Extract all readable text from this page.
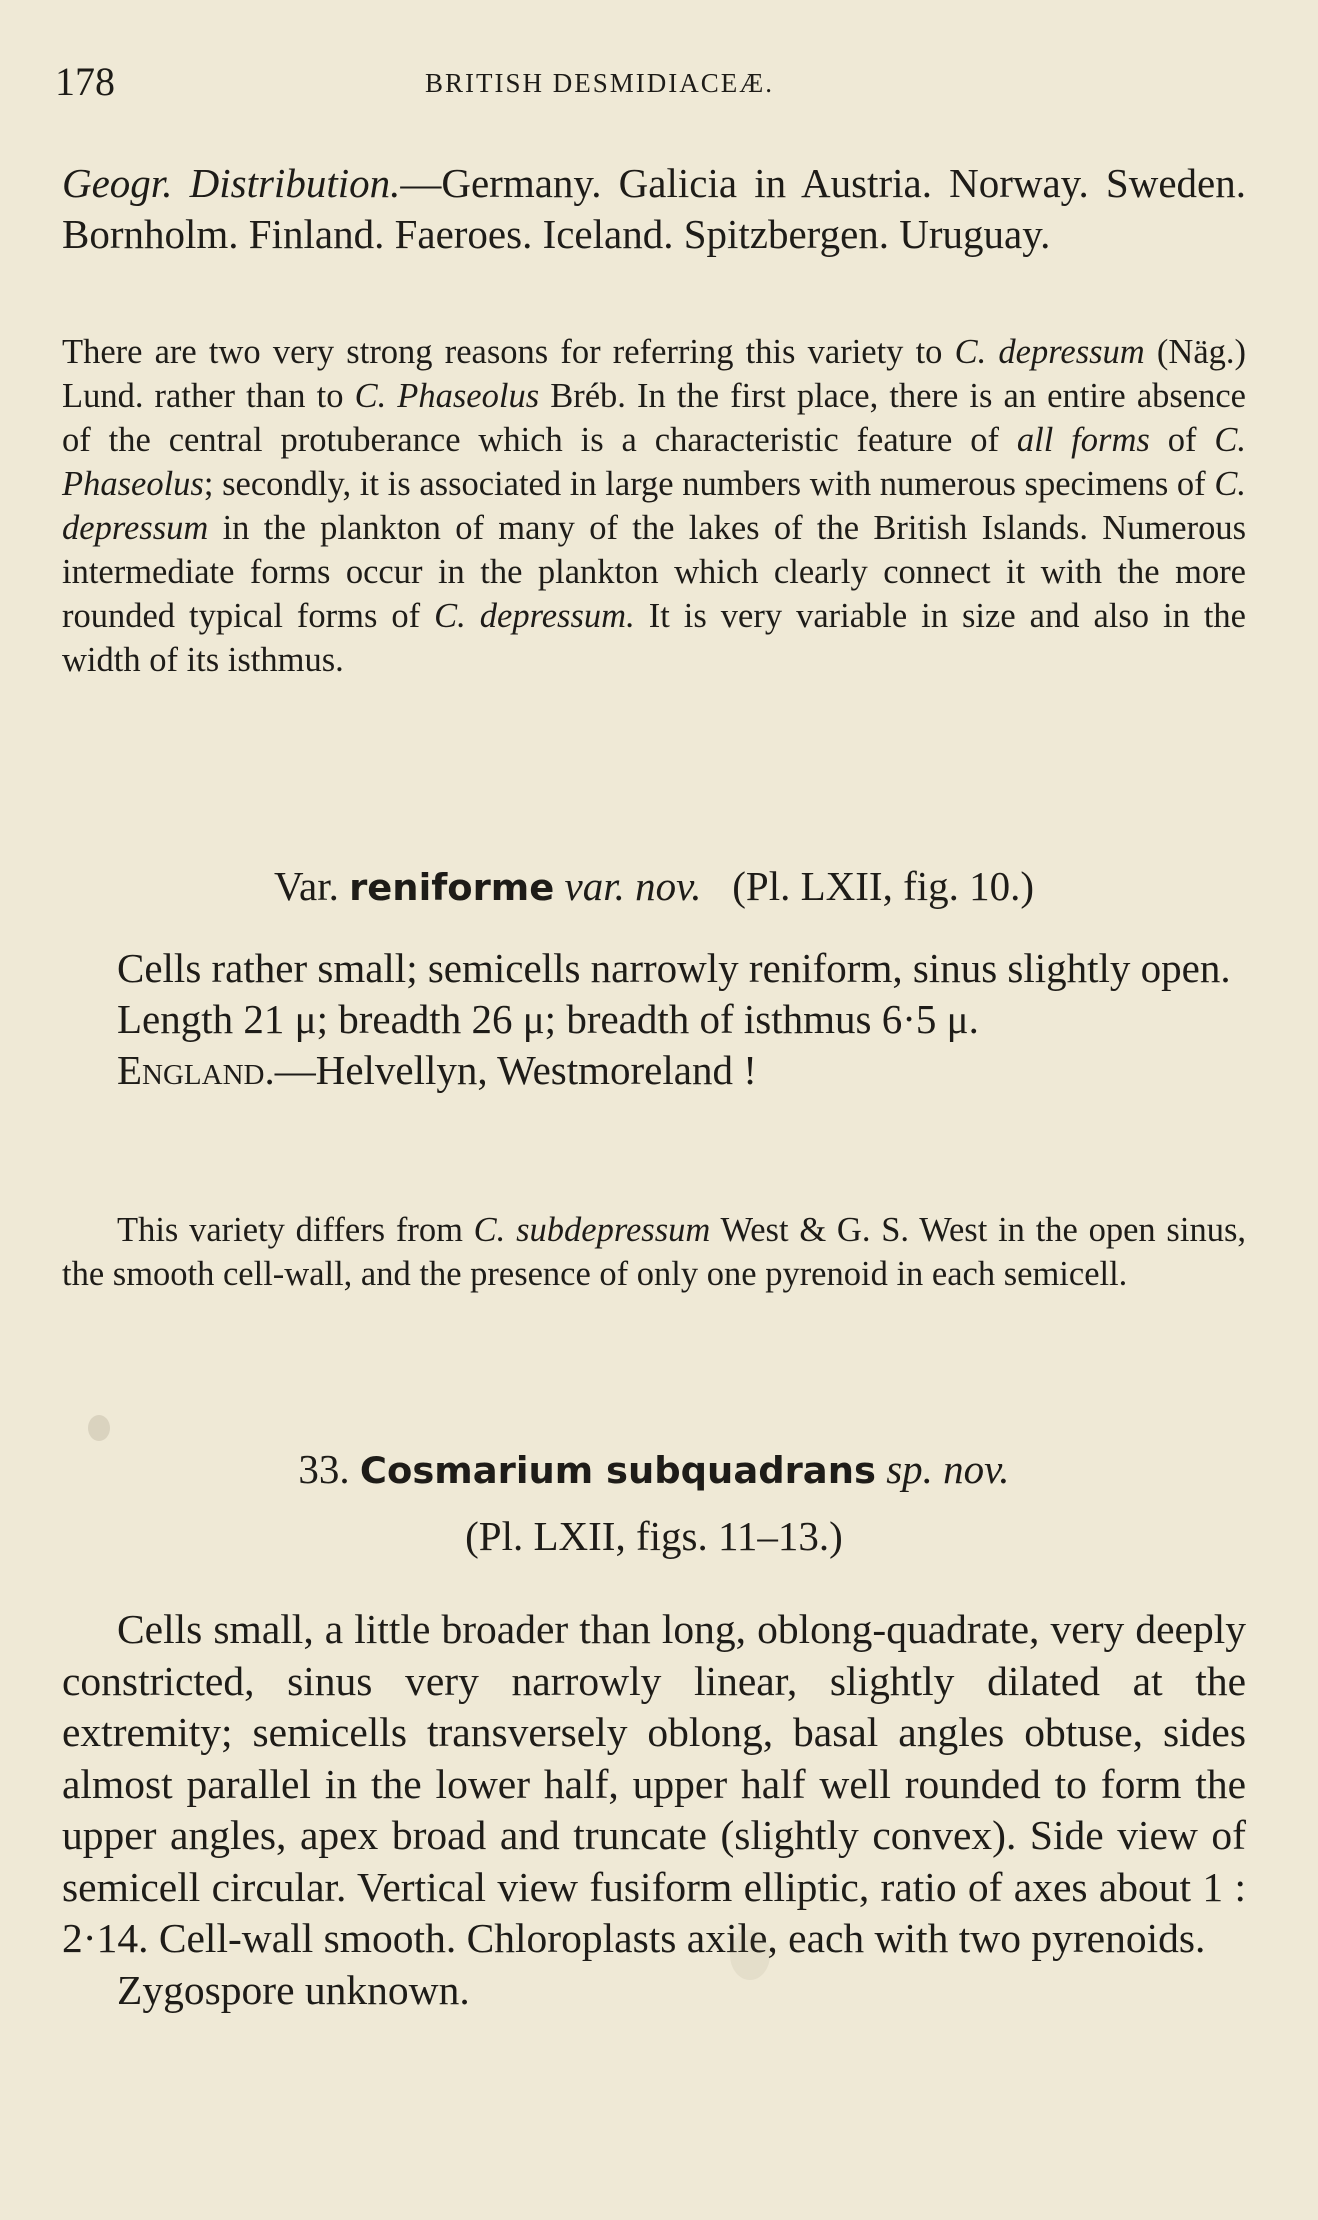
178	BRITISH DESMIDIACEÆ.
Geogr. Distribution.—Germany. Galicia in Austria. Norway. Sweden. Bornholm. Finland. Faeroes. Iceland. Spitzbergen. Uruguay.
There are two very strong reasons for referring this variety to C. depressum (Näg.) Lund. rather than to C. Phaseolus Bréb. In the first place, there is an entire absence of the central protuberance which is a characteristic feature of all forms of C. Phaseolus; secondly, it is associated in large numbers with numerous specimens of C. depressum in the plankton of many of the lakes of the British Islands. Numerous intermediate forms occur in the plankton which clearly connect it with the more rounded typical forms of C. depressum. It is very variable in size and also in the width of its isthmus.
Var. reniforme var. nov.   (Pl. LXII, fig. 10.)
Cells rather small; semicells narrowly reniform, sinus slightly open.
Length 21 μ; breadth 26 μ; breadth of isthmus 6·5 μ.
England.—Helvellyn, Westmoreland !
This variety differs from C. subdepressum West & G. S. West in the open sinus, the smooth cell-wall, and the presence of only one pyrenoid in each semicell.
33. Cosmarium subquadrans sp. nov.
(Pl. LXII, figs. 11–13.)
Cells small, a little broader than long, oblong-quadrate, very deeply constricted, sinus very narrowly linear, slightly dilated at the extremity; semicells transversely oblong, basal angles obtuse, sides almost parallel in the lower half, upper half well rounded to form the upper angles, apex broad and truncate (slightly convex). Side view of semicell circular. Vertical view fusiform elliptic, ratio of axes about 1 : 2·14. Cell-wall smooth. Chloroplasts axile, each with two pyrenoids.
Zygospore unknown.
